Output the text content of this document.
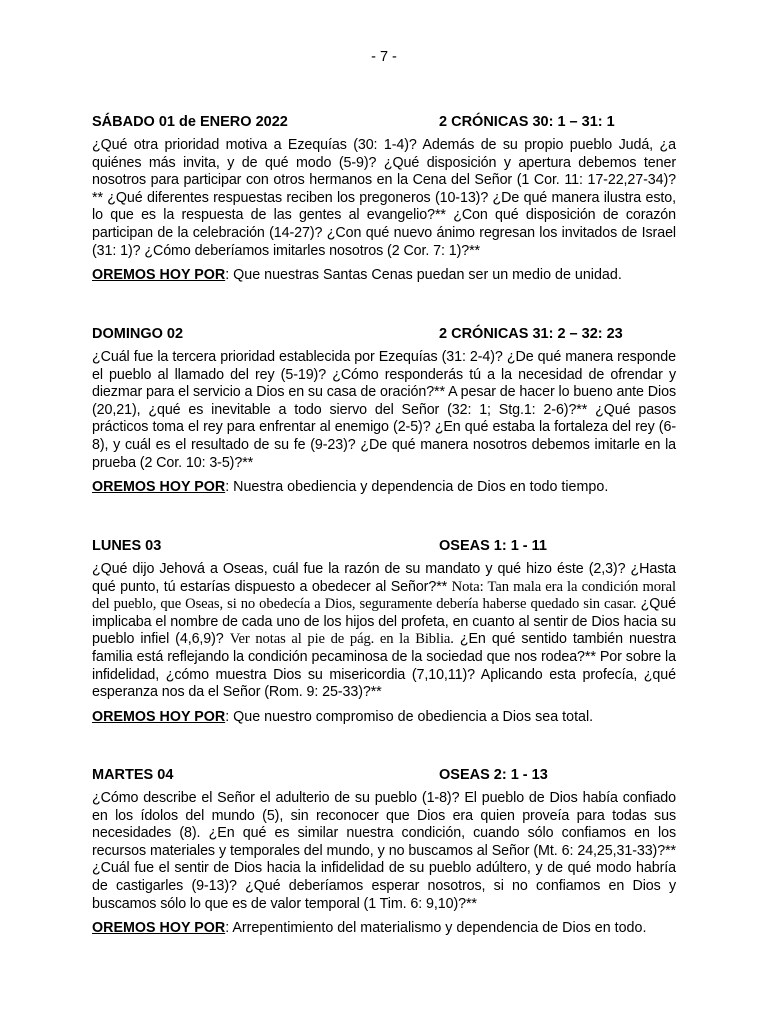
- 7 -
SÁBADO 01 de ENERO 2022	2 CRÓNICAS 30: 1 – 31: 1
¿Qué otra prioridad motiva a Ezequías (30: 1-4)? Además de su propio pueblo Judá, ¿a quiénes más invita, y de qué modo (5-9)? ¿Qué disposición y apertura debemos tener nosotros para participar con otros hermanos en la Cena del Señor (1 Cor. 11: 17-22,27-34)?** ¿Qué diferentes respuestas reciben los pregoneros (10-13)? ¿De qué manera ilustra esto, lo que es la respuesta de las gentes al evangelio?** ¿Con qué disposición de corazón participan de la celebración (14-27)? ¿Con qué nuevo ánimo regresan los invitados de Israel (31: 1)? ¿Cómo deberíamos imitarles nosotros (2 Cor. 7: 1)?**
OREMOS HOY POR: Que nuestras Santas Cenas puedan ser un medio de unidad.
DOMINGO 02	2 CRÓNICAS 31: 2 – 32: 23
¿Cuál fue la tercera prioridad establecida por Ezequías (31: 2-4)? ¿De qué manera responde el pueblo al llamado del rey (5-19)? ¿Cómo responderás tú a la necesidad de ofrendar y diezmar para el servicio a Dios en su casa de oración?** A pesar de hacer lo bueno ante Dios (20,21), ¿qué es inevitable a todo siervo del Señor (32: 1; Stg.1: 2-6)?** ¿Qué pasos prácticos toma el rey para enfrentar al enemigo (2-5)? ¿En qué estaba la fortaleza del rey (6-8), y cuál es el resultado de su fe (9-23)? ¿De qué manera nosotros debemos imitarle en la prueba (2 Cor. 10: 3-5)?**
OREMOS HOY POR: Nuestra obediencia y dependencia de Dios en todo tiempo.
LUNES 03	OSEAS 1: 1 - 11
¿Qué dijo Jehová a Oseas, cuál fue la razón de su mandato y qué hizo éste (2,3)? ¿Hasta qué punto, tú estarías dispuesto a obedecer al Señor?** Nota: Tan mala era la condición moral del pueblo, que Oseas, si no obedecía a Dios, seguramente debería haberse quedado sin casar. ¿Qué implicaba el nombre de cada uno de los hijos del profeta, en cuanto al sentir de Dios hacia su pueblo infiel (4,6,9)? Ver notas al pie de pág. en la Biblia. ¿En qué sentido también nuestra familia está reflejando la condición pecaminosa de la sociedad que nos rodea?** Por sobre la infidelidad, ¿cómo muestra Dios su misericordia (7,10,11)? Aplicando esta profecía, ¿qué esperanza nos da el Señor (Rom. 9: 25-33)?**
OREMOS HOY POR: Que nuestro compromiso de obediencia a Dios sea total.
MARTES 04	OSEAS 2: 1 - 13
¿Cómo describe el Señor el adulterio de su pueblo (1-8)? El pueblo de Dios había confiado en los ídolos del mundo (5), sin reconocer que Dios era quien proveía para todas sus necesidades (8). ¿En qué es similar nuestra condición, cuando sólo confiamos en los recursos materiales y temporales del mundo, y no buscamos al Señor (Mt. 6: 24,25,31-33)?** ¿Cuál fue el sentir de Dios hacia la infidelidad de su pueblo adúltero, y de qué modo habría de castigarles (9-13)? ¿Qué deberíamos esperar nosotros, si no confiamos en Dios y buscamos sólo lo que es de valor temporal (1 Tim. 6: 9,10)?**
OREMOS HOY POR: Arrepentimiento del materialismo y dependencia de Dios en todo.
